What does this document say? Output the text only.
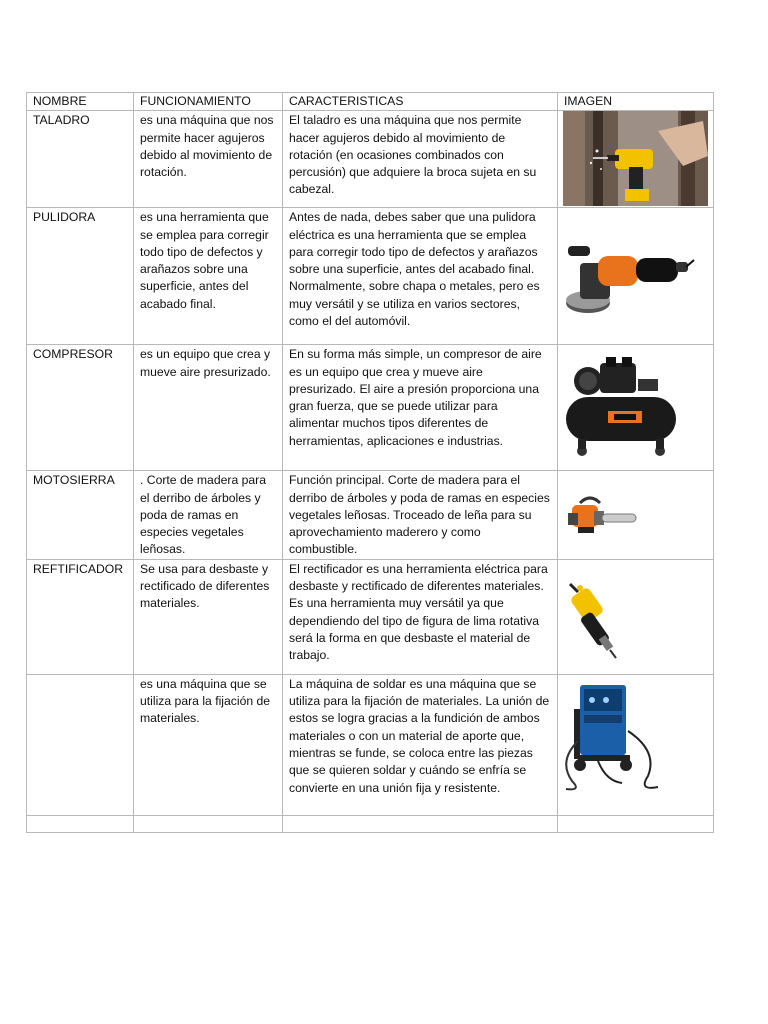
NOMBRE	FUNCIONAMIENTO	CARACTERISTICAS	IMAGEN
TALADRO	es una máquina que nos permite hacer agujeros debido al movimiento de rotación.	El taladro es una máquina que nos permite hacer agujeros debido al movimiento de rotación (en ocasiones combinados con percusión) que adquiere la broca sujeta en su cabezal.	

PULIDORA	es una herramienta que se emplea para corregir todo tipo de defectos y arañazos sobre una superficie, antes del acabado final.	Antes de nada, debes saber que una pulidora eléctrica es una herramienta que se emplea para corregir todo tipo de defectos y arañazos sobre una superficie, antes del acabado final. Normalmente, sobre chapa o metales, pero es muy versátil y se utiliza en varios sectores, como el del automóvil.	

COMPRESOR	es un equipo que crea y mueve aire presurizado.	En su forma más simple, un compresor de aire es un equipo que crea y mueve aire presurizado. El aire a presión proporciona una gran fuerza, que se puede utilizar para alimentar muchos tipos diferentes de herramientas, aplicaciones e industrias.	

MOTOSIERRA	. Corte de madera para el derribo de árboles y poda de ramas en especies vegetales leñosas.	Función principal. Corte de madera para el derribo de árboles y poda de ramas en especies vegetales leñosas. Troceado de leña para su aprovechamiento maderero y como combustible.	

REFTIFICADOR	Se usa para desbaste y rectificado de diferentes materiales.	El rectificador es una herramienta eléctrica para desbaste y rectificado de diferentes materiales. Es una herramienta muy versátil ya que dependiendo del tipo de figura de lima rotativa será la forma en que desbaste el material de trabajo.	

	es una máquina que se utiliza para la fijación de materiales.	La máquina de soldar es una máquina que se utiliza para la fijación de materiales. La unión de estos se logra gracias a la fundición de ambos materiales o con un material de aporte que, mientras se funde, se coloca entre las piezas que se quieren soldar y cuándo se enfría se convierte en una unión fija y resistente.	
